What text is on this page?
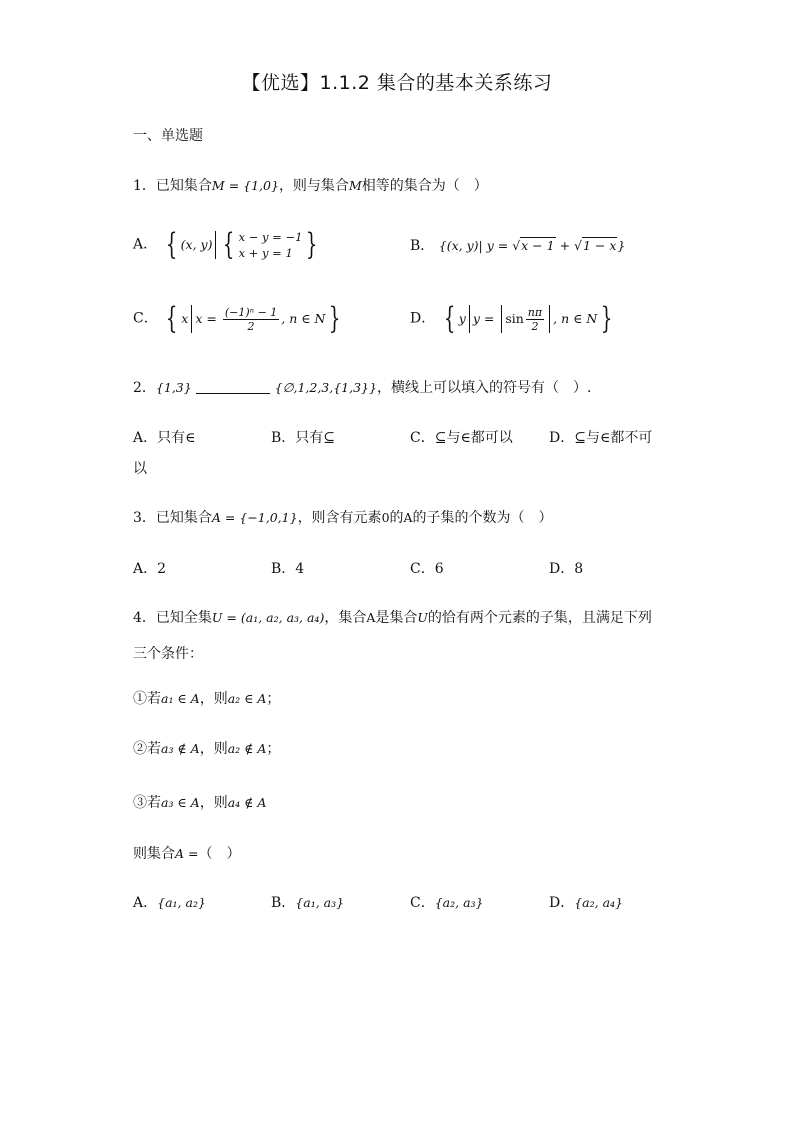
【优选】1.1.2 集合的基本关系练习
一、单选题
1．已知集合M = {1,0}，则与集合M相等的集合为（　）
A． { (x, y) { x − y = −1
x + y = 1 }	B． {(x, y)| y = √x − 1 + √1 − x}
C． { x $x = \frac{\text{(−1)ⁿ − 1}}{2}$ , n ∈ N }	D． { y $y = \sin \frac{n\pi}{2}$ , n ∈ N }
2．{1,3}	{∅,1,2,3,{1,3}}，横线上可以填入的符号有（　）.
A．只有∈	B．只有⊆	C．⊆与∈都可以	D．⊆与∈都不可
以
3．已知集合A = {−1,0,1}，则含有元素0的A的子集的个数为（　）
A．2	B．4	C．6	D．8
4．已知全集U = (a₁, a₂, a₃, a₄)，集合A是集合U的恰有两个元素的子集，且满足下列
三个条件：
①若a₁ ∈ A，则a₂ ∈ A；
②若a₃ ∉ A，则a₂ ∉ A；
③若a₃ ∈ A，则a₄ ∉ A
则集合A =（　）
A．{a₁, a₂}	B．{a₁, a₃}	C．{a₂, a₃}	D．{a₂, a₄}
